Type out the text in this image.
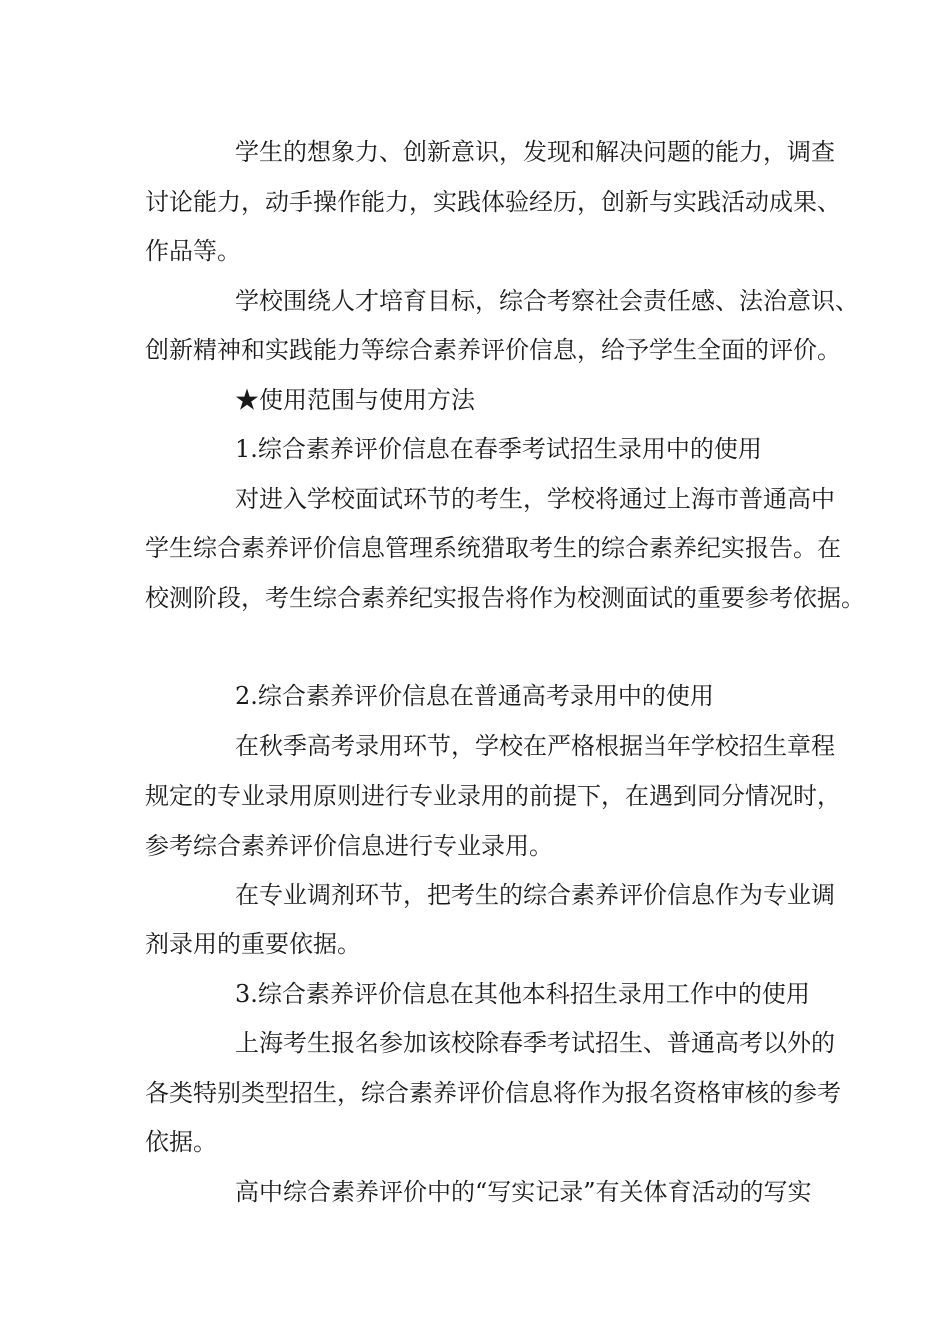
学生的想象力、创新意识，发现和解决问题的能力，调查
讨论能力，动手操作能力，实践体验经历，创新与实践活动成果、
作品等。
学校围绕人才培育目标，综合考察社会责任感、法治意识、
创新精神和实践能力等综合素养评价信息，给予学生全面的评价。
★使用范围与使用方法
1.综合素养评价信息在春季考试招生录用中的使用
对进入学校面试环节的考生，学校将通过上海市普通高中
学生综合素养评价信息管理系统猎取考生的综合素养纪实报告。在
校测阶段，考生综合素养纪实报告将作为校测面试的重要参考依据。
2.综合素养评价信息在普通高考录用中的使用
在秋季高考录用环节，学校在严格根据当年学校招生章程
规定的专业录用原则进行专业录用的前提下，在遇到同分情况时，
参考综合素养评价信息进行专业录用。
在专业调剂环节，把考生的综合素养评价信息作为专业调
剂录用的重要依据。
3.综合素养评价信息在其他本科招生录用工作中的使用
上海考生报名参加该校除春季考试招生、普通高考以外的
各类特别类型招生，综合素养评价信息将作为报名资格审核的参考
依据。
高中综合素养评价中的“写实记录”有关体育活动的写实
